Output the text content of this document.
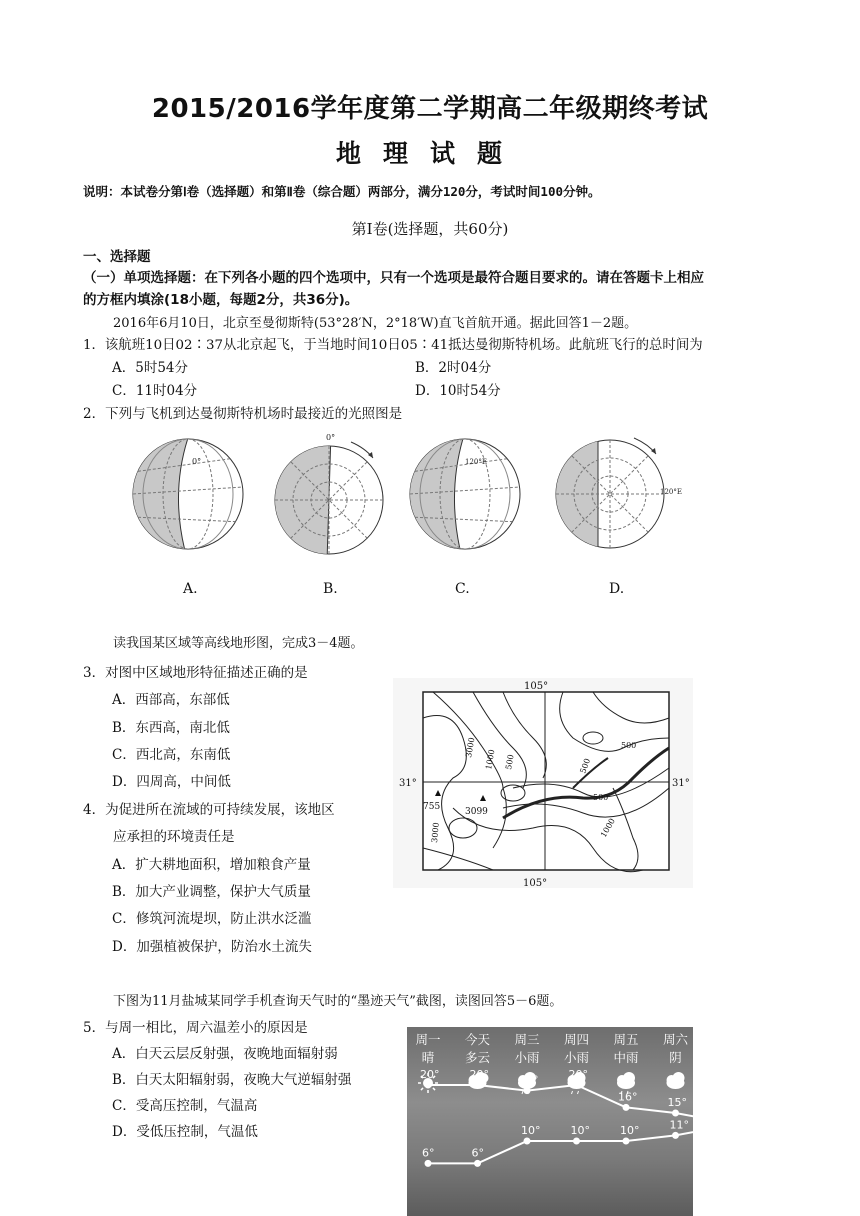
2015/2016学年度第二学期高二年级期终考试
地理试题
说明：本试卷分第Ⅰ卷（选择题）和第Ⅱ卷（综合题）两部分，满分120分，考试时间100分钟。
第Ⅰ卷(选择题，共60分)
一、选择题
（一）单项选择题：在下列各小题的四个选项中，只有一个选项是最符合题目要求的。请在答题卡上相应
的方框内填涂(18小题，每题2分，共36分)。
2016年6月10日，北京至曼彻斯特(53°28′N，2°18′W)直飞首航开通。据此回答1－2题。
1．该航班10日02∶37从北京起飞，于当地时间10日05∶41抵达曼彻斯特机场。此航班飞行的总时间为
A．5时54分	B．2时04分
C．11时04分	D．10时54分
2．下列与飞机到达曼彻斯特机场时最接近的光照图是
0°
A.
0°
B.
120°E
C.
120°E
D.
读我国某区域等高线地形图，完成3－4题。
3．对图中区域地形特征描述正确的是
A．西部高，东部低
B．东西高，南北低
C．西北高，东南低
D．四周高，中间低
4．为促进所在流域的可持续发展，该地区
应承担的环境责任是
A．扩大耕地面积，增加粮食产量
B．加大产业调整，保护大气质量
C．修筑河流堤坝，防止洪水泛滥
D．加强植被保护，防治水土流失
105°
105°
31°	31°
3000
1000 500
500
500
500
1000
3000
755	3099
下图为11月盐城某同学手机查询天气时的“墨迹天气”截图，读图回答5－6题。
5．与周一相比，周六温差小的原因是
A．白天云层反射强，夜晚地面辐射弱
B．白天太阳辐射弱，夜晚大气逆辐射强
C．受高压控制，气温高
D．受低压控制，气温低
20°
6°
20°
6°
19°
10°
20°
10°
16°
10°
15°
11°
周一
晴
今天
多云
周三
小雨
周四
小雨
周五
中雨
周六
阴
